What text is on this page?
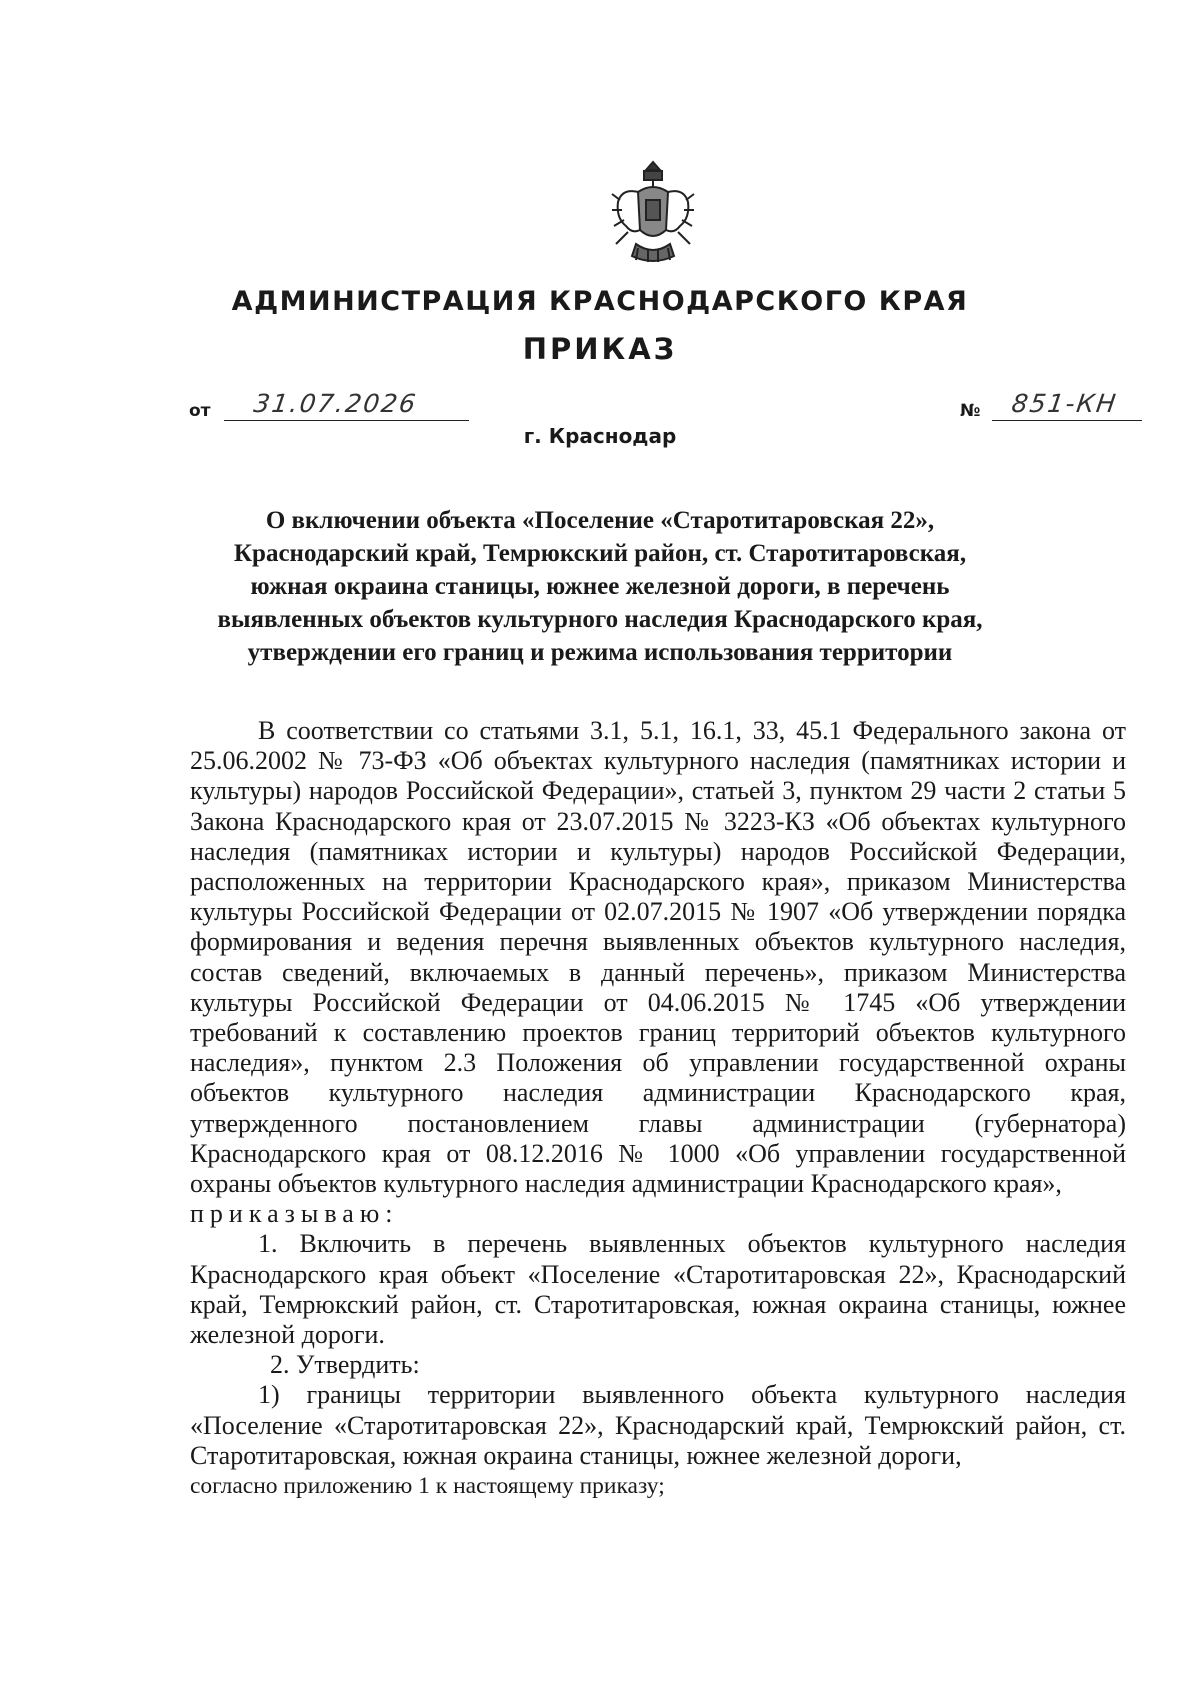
АДМИНИСТРАЦИЯ КРАСНОДАРСКОГО КРАЯ
ПРИКАЗ
от 31.07.2026	№ 851-КН
г. Краснодар

О включении объекта «Поселение «Старотитаровская 22»,

Краснодарский край, Темрюкский район, ст. Старотитаровская,

южная окраина станицы, южнее железной дороги, в перечень

выявленных объектов культурного наследия Краснодарского края,

утверждении его границ и режима использования территории

В соответствии со статьями 3.1, 5.1, 16.1, 33, 45.1 Федерального закона от 25.06.2002 № 73-ФЗ «Об объектах культурного наследия (памятниках истории и культуры) народов Российской Федерации», статьей 3, пунктом 29 части 2 статьи 5 Закона Краснодарского края от 23.07.2015 № 3223-КЗ «Об объектах культурного наследия (памятниках истории и культуры) народов Российской Федерации, расположенных на территории Краснодарского края», приказом Министерства культуры Российской Федерации от 02.07.2015 № 1907 «Об утверждении порядка формирования и ведения перечня выявленных объектов культурного наследия, состав сведений, включаемых в данный перечень», приказом Министерства культуры Российской Федерации от 04.06.2015 № 1745 «Об утверждении требований к составлению проектов границ территорий объектов культурного наследия», пунктом 2.3 Положения об управлении государственной охраны объектов культурного наследия администрации Краснодарского края, утвержденного постановлением главы администрации (губернатора) Краснодарского края от 08.12.2016 № 1000 «Об управлении государственной охраны объектов культурного наследия администрации Краснодарского края»,

приказываю:

1. Включить в перечень выявленных объектов культурного наследия Краснодарского края объект «Поселение «Старотитаровская 22», Краснодарский край, Темрюкский район, ст. Старотитаровская, южная окраина станицы, южнее железной дороги.

2. Утвердить:

1) границы территории выявленного объекта культурного наследия «Поселение «Старотитаровская 22», Краснодарский край, Темрюкский район, ст. Старотитаровская, южная окраина станицы, южнее железной дороги,

согласно приложению 1 к настоящему приказу;
